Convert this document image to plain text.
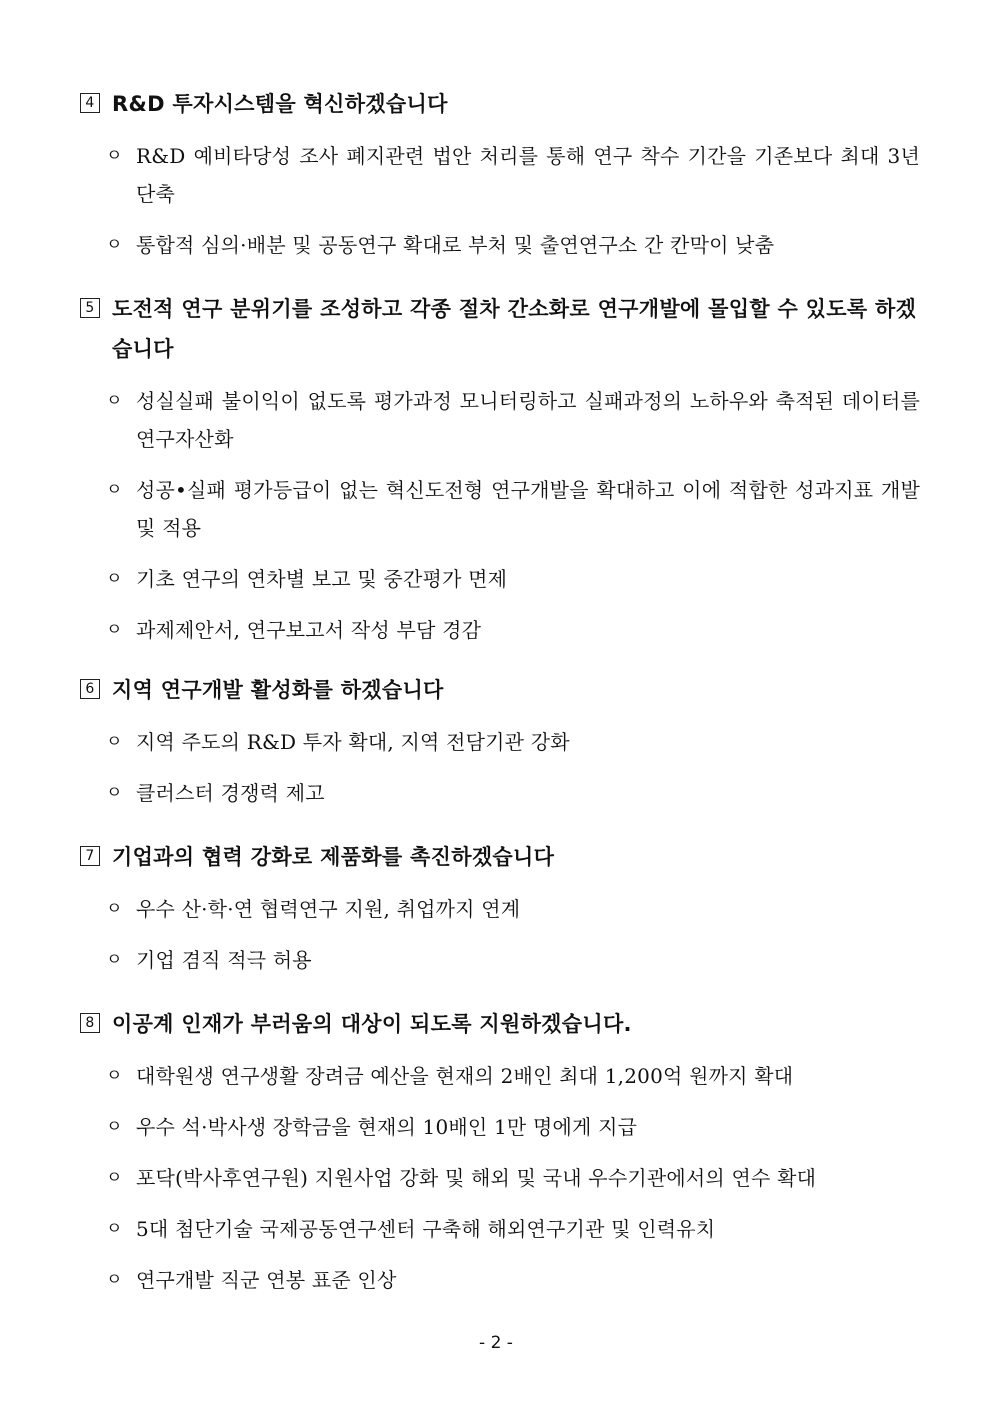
4 R&D 투자시스템을 혁신하겠습니다
ㅇ R&D 예비타당성 조사 폐지관련 법안 처리를 통해 연구 착수 기간을 기존보다 최대 3년 단축
ㅇ 통합적 심의·배분 및 공동연구 확대로 부처 및 출연연구소 간 칸막이 낮춤
5 도전적 연구 분위기를 조성하고 각종 절차 간소화로 연구개발에 몰입할 수 있도록 하겠습니다
ㅇ 성실실패 불이익이 없도록 평가과정 모니터링하고 실패과정의 노하우와 축적된 데이터를 연구자산화
ㅇ 성공•실패 평가등급이 없는 혁신도전형 연구개발을 확대하고 이에 적합한 성과지표 개발 및 적용
ㅇ 기초 연구의 연차별 보고 및 중간평가 면제
ㅇ 과제제안서, 연구보고서 작성 부담 경감
6 지역 연구개발 활성화를 하겠습니다
ㅇ 지역 주도의 R&D 투자 확대, 지역 전담기관 강화
ㅇ 클러스터 경쟁력 제고
7 기업과의 협력 강화로 제품화를 촉진하겠습니다
ㅇ 우수 산·학·연 협력연구 지원, 취업까지 연계
ㅇ 기업 겸직 적극 허용
8 이공계 인재가 부러움의 대상이 되도록 지원하겠습니다.
ㅇ 대학원생 연구생활 장려금 예산을 현재의 2배인 최대 1,200억 원까지 확대
ㅇ 우수 석·박사생 장학금을 현재의 10배인 1만 명에게 지급
ㅇ 포닥(박사후연구원) 지원사업 강화 및 해외 및 국내 우수기관에서의 연수 확대
ㅇ 5대 첨단기술 국제공동연구센터 구축해 해외연구기관 및 인력유치
ㅇ 연구개발 직군 연봉 표준 인상
- 2 -
